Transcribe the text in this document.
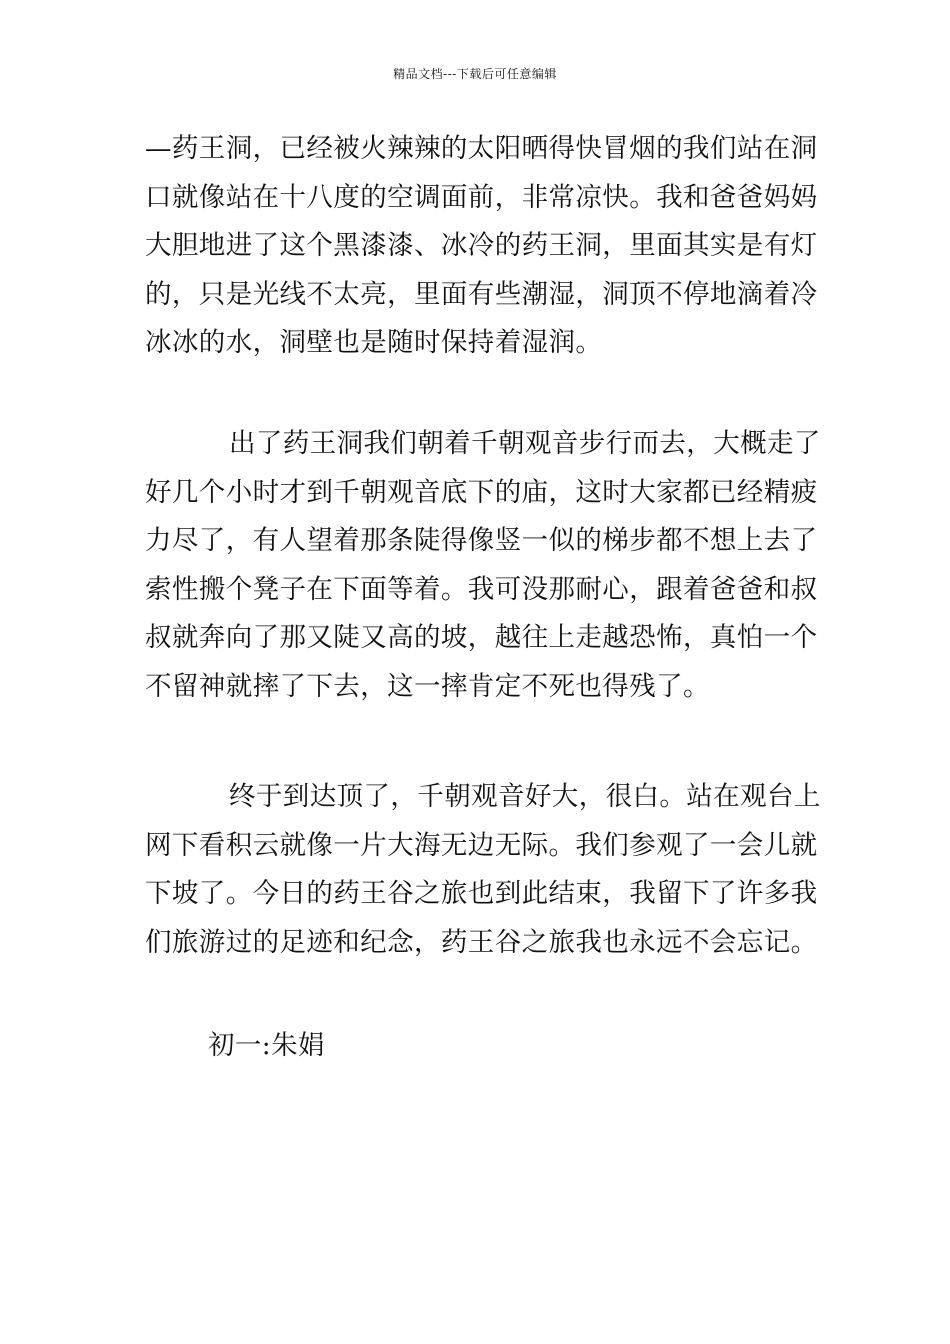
精品文档---下载后可任意编辑
—药王洞，已经被火辣辣的太阳晒得快冒烟的我们站在洞
口就像站在十八度的空调面前，非常凉快。我和爸爸妈妈
大胆地进了这个黑漆漆、冰冷的药王洞，里面其实是有灯
的，只是光线不太亮，里面有些潮湿，洞顶不停地滴着冷
冰冰的水，洞壁也是随时保持着湿润。
出了药王洞我们朝着千朝观音步行而去，大概走了
好几个小时才到千朝观音底下的庙，这时大家都已经精疲
力尽了，有人望着那条陡得像竖一似的梯步都不想上去了
索性搬个凳子在下面等着。我可没那耐心，跟着爸爸和叔
叔就奔向了那又陡又高的坡，越往上走越恐怖，真怕一个
不留神就摔了下去，这一摔肯定不死也得残了。
终于到达顶了，千朝观音好大，很白。站在观台上
网下看积云就像一片大海无边无际。我们参观了一会儿就
下坡了。今日的药王谷之旅也到此结束，我留下了许多我
们旅游过的足迹和纪念，药王谷之旅我也永远不会忘记。
初一:朱娟
